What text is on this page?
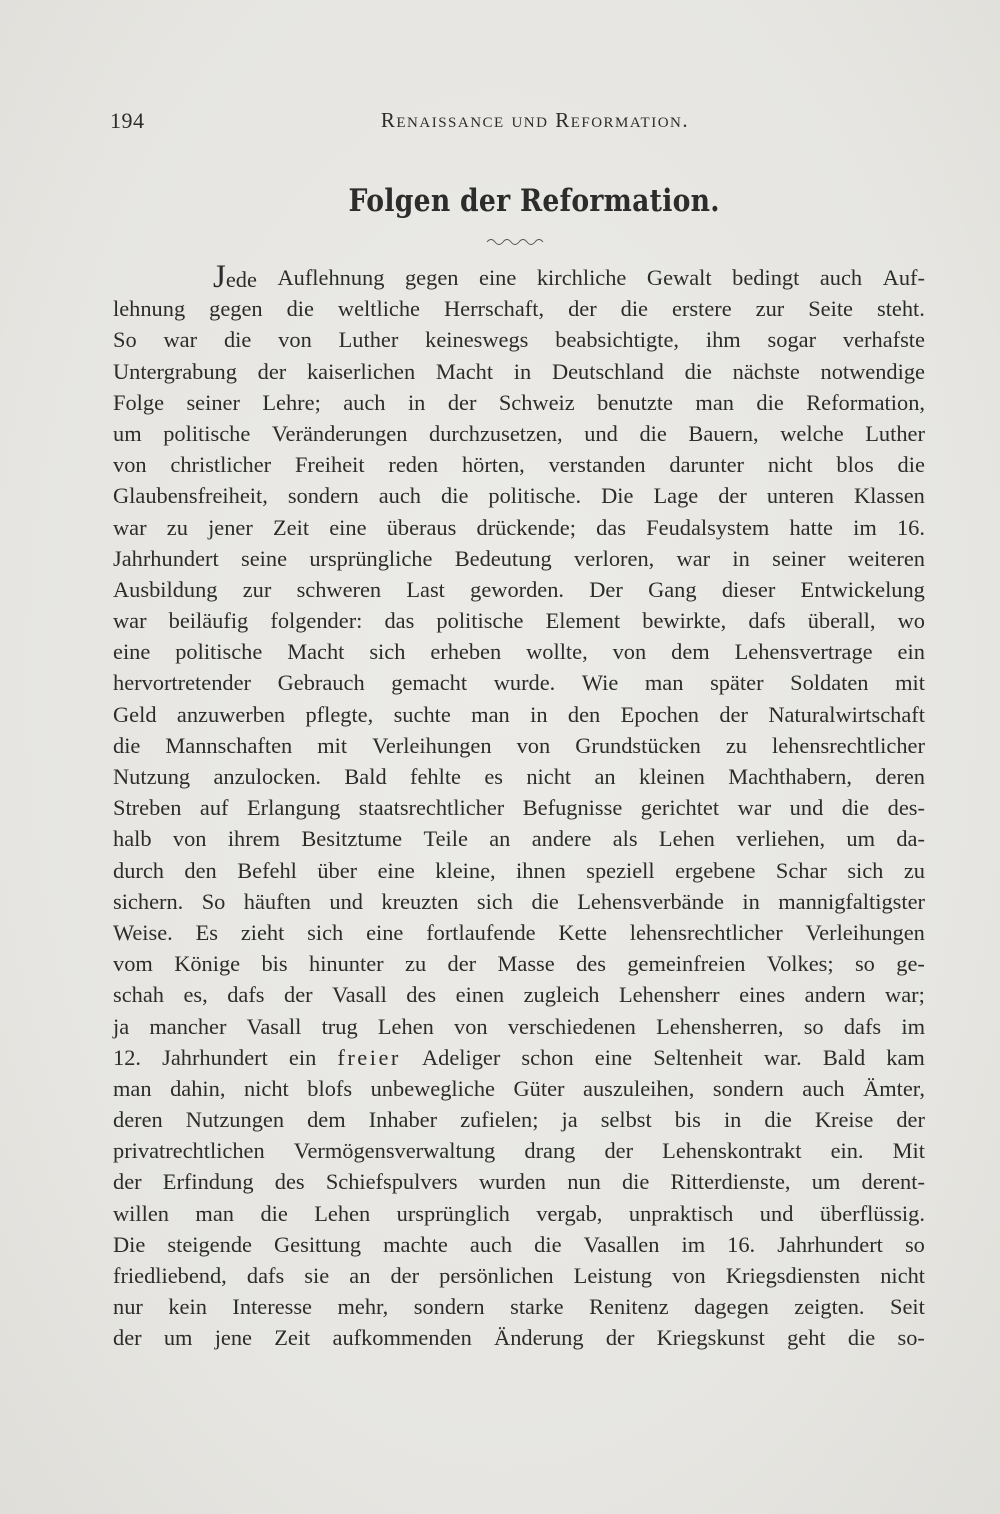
194	Renaissance und Reformation.
Folgen der Reformation.
Jede Auflehnung gegen eine kirchliche Gewalt bedingt auch Auf-
lehnung gegen die weltliche Herrschaft, der die erstere zur Seite steht.
So war die von Luther keineswegs beabsichtigte, ihm sogar verhafste
Untergrabung der kaiserlichen Macht in Deutschland die nächste notwendige
Folge seiner Lehre; auch in der Schweiz benutzte man die Reformation,
um politische Veränderungen durchzusetzen, und die Bauern, welche Luther
von christlicher Freiheit reden hörten, verstanden darunter nicht blos die
Glaubensfreiheit, sondern auch die politische. Die Lage der unteren Klassen
war zu jener Zeit eine überaus drückende; das Feudalsystem hatte im 16.
Jahrhundert seine ursprüngliche Bedeutung verloren, war in seiner weiteren
Ausbildung zur schweren Last geworden. Der Gang dieser Entwickelung
war beiläufig folgender: das politische Element bewirkte, dafs überall, wo
eine politische Macht sich erheben wollte, von dem Lehensvertrage ein
hervortretender Gebrauch gemacht wurde. Wie man später Soldaten mit
Geld anzuwerben pflegte, suchte man in den Epochen der Naturalwirtschaft
die Mannschaften mit Verleihungen von Grundstücken zu lehensrechtlicher
Nutzung anzulocken. Bald fehlte es nicht an kleinen Machthabern, deren
Streben auf Erlangung staatsrechtlicher Befugnisse gerichtet war und die des-
halb von ihrem Besitztume Teile an andere als Lehen verliehen, um da-
durch den Befehl über eine kleine, ihnen speziell ergebene Schar sich zu
sichern. So häuften und kreuzten sich die Lehensverbände in mannigfaltigster
Weise. Es zieht sich eine fortlaufende Kette lehensrechtlicher Verleihungen
vom Könige bis hinunter zu der Masse des gemeinfreien Volkes; so ge-
schah es, dafs der Vasall des einen zugleich Lehensherr eines andern war;
ja mancher Vasall trug Lehen von verschiedenen Lehensherren, so dafs im
12. Jahrhundert ein freier Adeliger schon eine Seltenheit war. Bald kam
man dahin, nicht blofs unbewegliche Güter auszuleihen, sondern auch Ämter,
deren Nutzungen dem Inhaber zufielen; ja selbst bis in die Kreise der
privatrechtlichen Vermögensverwaltung drang der Lehenskontrakt ein. Mit
der Erfindung des Schiefspulvers wurden nun die Ritterdienste, um derent-
willen man die Lehen ursprünglich vergab, unpraktisch und überflüssig.
Die steigende Gesittung machte auch die Vasallen im 16. Jahrhundert so
friedliebend, dafs sie an der persönlichen Leistung von Kriegsdiensten nicht
nur kein Interesse mehr, sondern starke Renitenz dagegen zeigten. Seit
der um jene Zeit aufkommenden Änderung der Kriegskunst geht die so-
